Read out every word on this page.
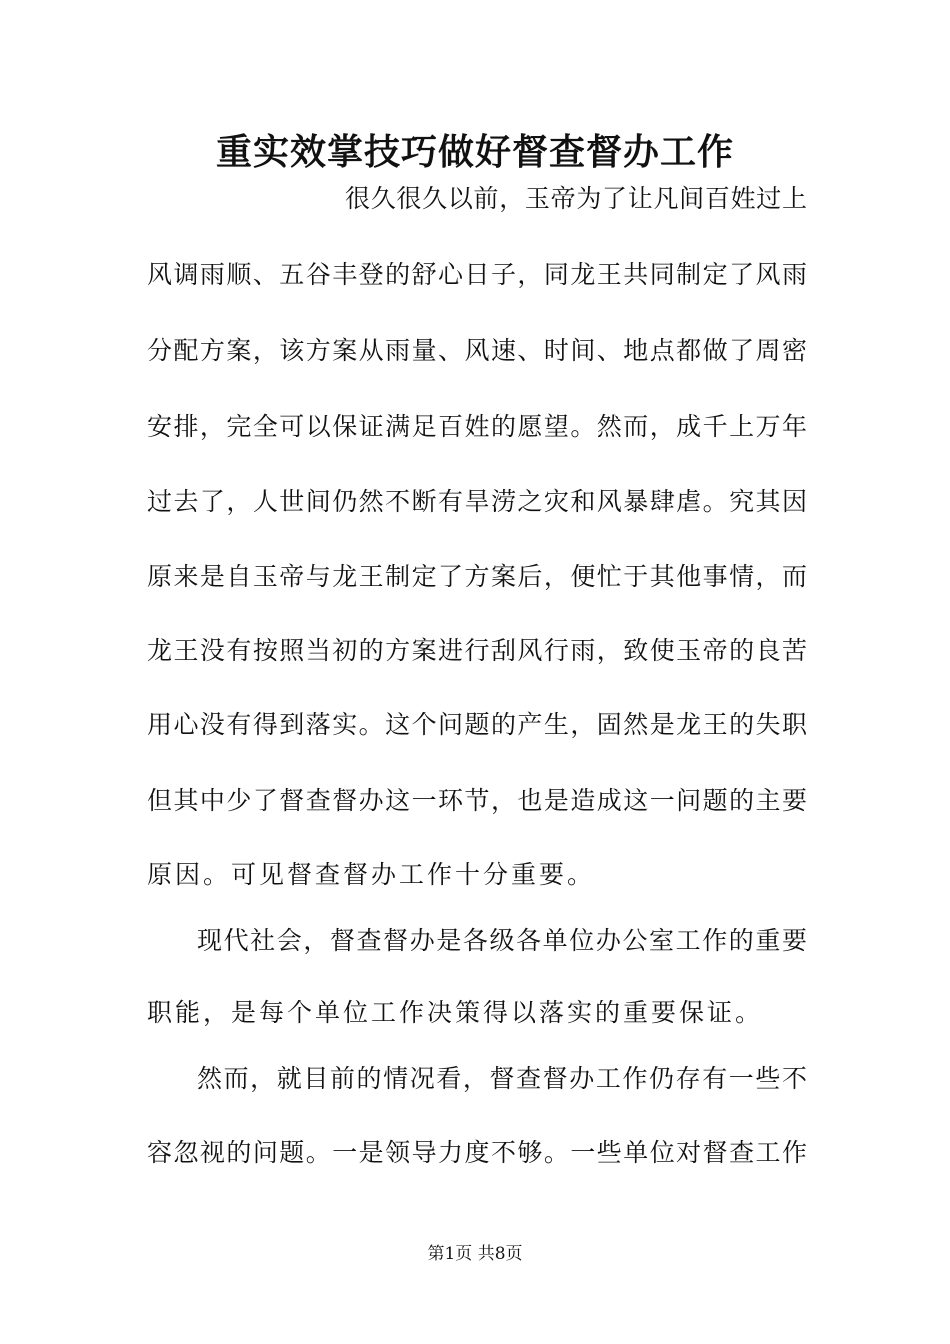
重实效掌技巧做好督查督办工作
很久很久以前，玉帝为了让凡间百姓过上
风调雨顺、五谷丰登的舒心日子，同龙王共同制定了风雨
分配方案，该方案从雨量、风速、时间、地点都做了周密
安排，完全可以保证满足百姓的愿望。然而，成千上万年
过去了，人世间仍然不断有旱涝之灾和风暴肆虐。究其因
原来是自玉帝与龙王制定了方案后，便忙于其他事情，而
龙王没有按照当初的方案进行刮风行雨，致使玉帝的良苦
用心没有得到落实。这个问题的产生，固然是龙王的失职
但其中少了督查督办这一环节，也是造成这一问题的主要
原因。可见督查督办工作十分重要。
现代社会，督查督办是各级各单位办公室工作的重要
职能，是每个单位工作决策得以落实的重要保证。
然而，就目前的情况看，督查督办工作仍存有一些不
容忽视的问题。一是领导力度不够。一些单位对督查工作
第1页 共8页
